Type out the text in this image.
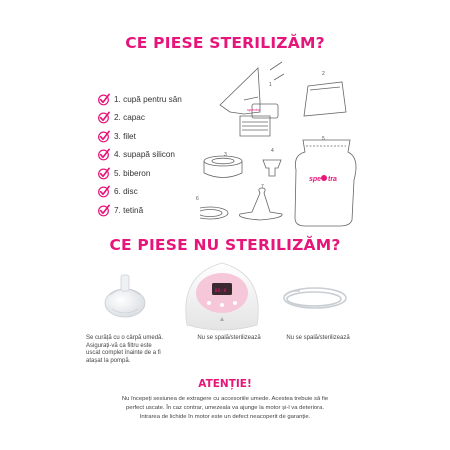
CE PIESE STERILIZĂM?
1. cupă pentru sân
2. capac
3. filet
4. supapă silicon
5. biberon
6. disc
7. tetină
spectra
spe tra
1
2
3
4
5
6
7
CE PIESE NU STERILIZĂM?
88:8
Se curăță cu o cârpă umedă.
Asigurați-vă ca filtru este
uscat complet înainte de a fi
atașat la pompă.
Nu se spală/sterilizează	Nu se spală/sterilizează
ATENȚIE!
Nu începeți sesiunea de extragere cu accesoriile umede. Acestea trebuie să fie
perfect uscate. În caz contrar, umezeala va ajunge la motor și-l va deteriora.
Intrarea de lichide în motor este un defect neacoperit de garanție.
